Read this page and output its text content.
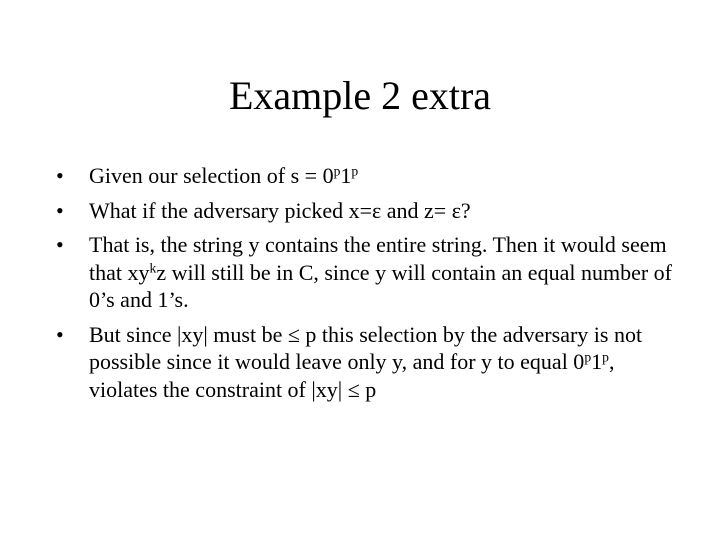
Example 2 extra
•	Given our selection of $s = 0^p1^p$
•	What if the adversary picked x=ε and z= ε?
•	That is, the string y contains the entire string. Then it would seem that $xy^kz$ will still be in C, since y will contain an equal number of 0’s and 1’s.
•	But since |xy| must be ≤ p this selection by the adversary is not possible since it would leave only y, and for y to equal 0$^p$1$^p$, violates the constraint of |xy| ≤ p
